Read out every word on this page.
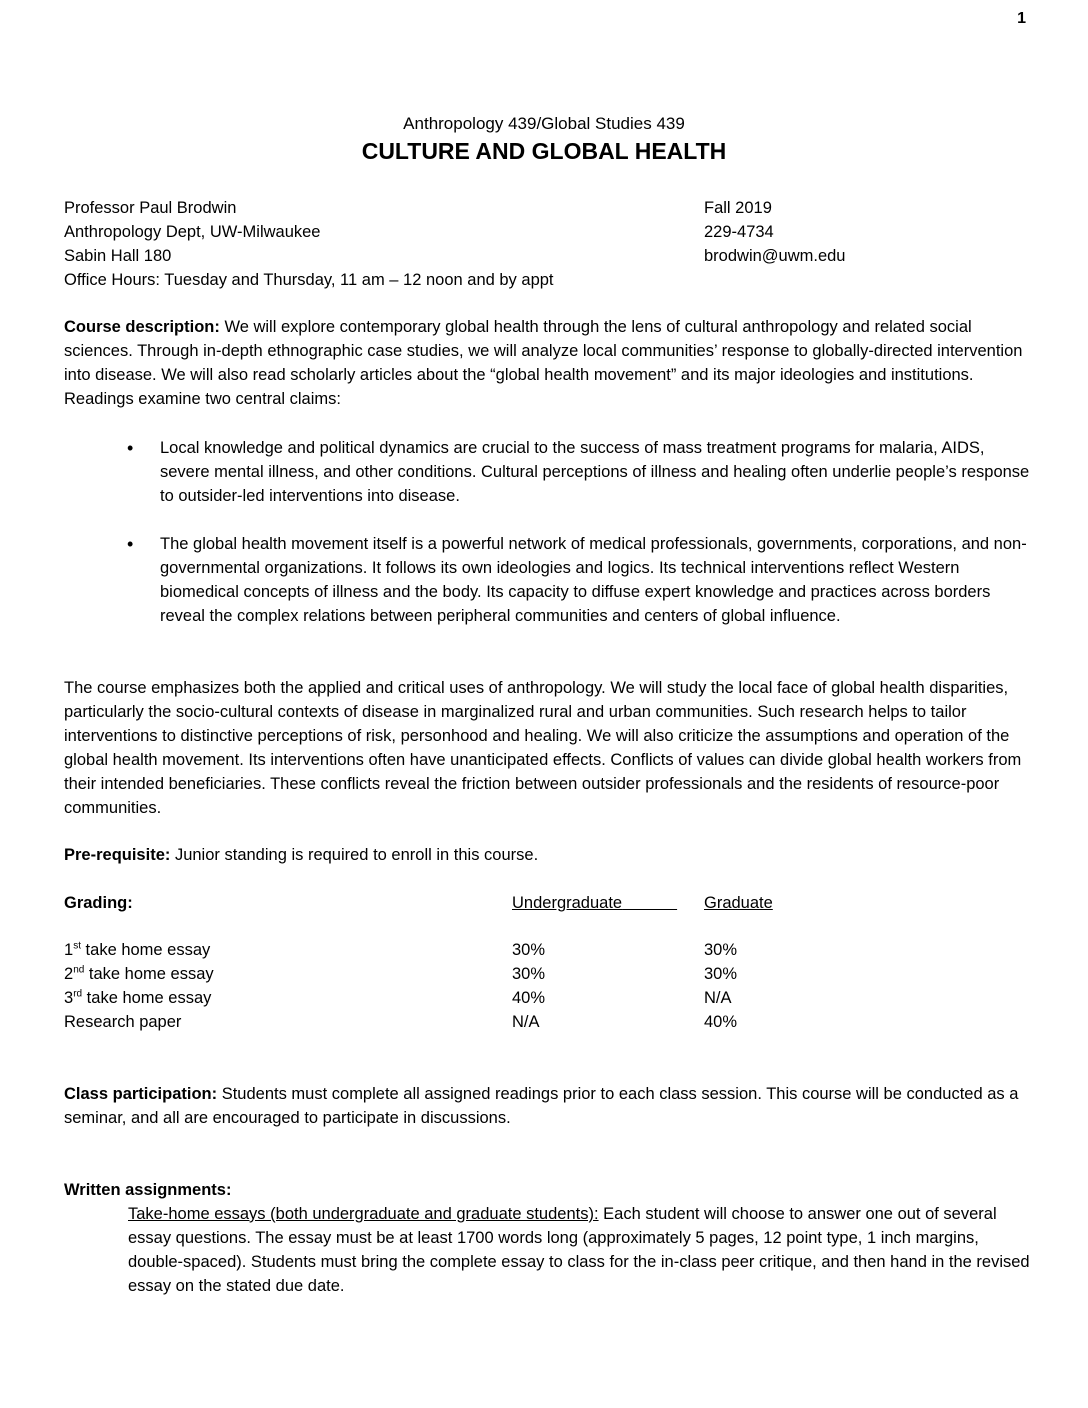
1
Anthropology 439/Global Studies 439
CULTURE AND GLOBAL HEALTH
Professor Paul Brodwin
Anthropology Dept, UW-Milwaukee
Sabin Hall 180
Office Hours: Tuesday and Thursday, 11 am – 12 noon and by appt
Fall 2019
229-4734
brodwin@uwm.edu
Course description: We will explore contemporary global health through the lens of cultural anthropology and related social sciences. Through in-depth ethnographic case studies, we will analyze local communities’ response to globally-directed intervention into disease. We will also read scholarly articles about the “global health movement” and its major ideologies and institutions. Readings examine two central claims:
• Local knowledge and political dynamics are crucial to the success of mass treatment programs for malaria, AIDS, severe mental illness, and other conditions. Cultural perceptions of illness and healing often underlie people’s response to outsider-led interventions into disease.
• The global health movement itself is a powerful network of medical professionals, governments, corporations, and non-governmental organizations. It follows its own ideologies and logics. Its technical interventions reflect Western biomedical concepts of illness and the body. Its capacity to diffuse expert knowledge and practices across borders reveal the complex relations between peripheral communities and centers of global influence.
The course emphasizes both the applied and critical uses of anthropology. We will study the local face of global health disparities, particularly the socio-cultural contexts of disease in marginalized rural and urban communities. Such research helps to tailor interventions to distinctive perceptions of risk, personhood and healing. We will also criticize the assumptions and operation of the global health movement. Its interventions often have unanticipated effects. Conflicts of values can divide global health workers from their intended beneficiaries. These conflicts reveal the friction between outsider professionals and the residents of resource-poor communities.
Pre-requisite: Junior standing is required to enroll in this course.
Grading:	Undergraduate	Graduate
1st take home essay	30%	30%
2nd take home essay	30%	30%
3rd take home essay	40%	N/A
Research paper	N/A	40%
Class participation: Students must complete all assigned readings prior to each class session. This course will be conducted as a seminar, and all are encouraged to participate in discussions.
Written assignments:
Take-home essays (both undergraduate and graduate students): Each student will choose to answer one out of several essay questions. The essay must be at least 1700 words long (approximately 5 pages, 12 point type, 1 inch margins, double-spaced). Students must bring the complete essay to class for the in-class peer critique, and then hand in the revised essay on the stated due date.
